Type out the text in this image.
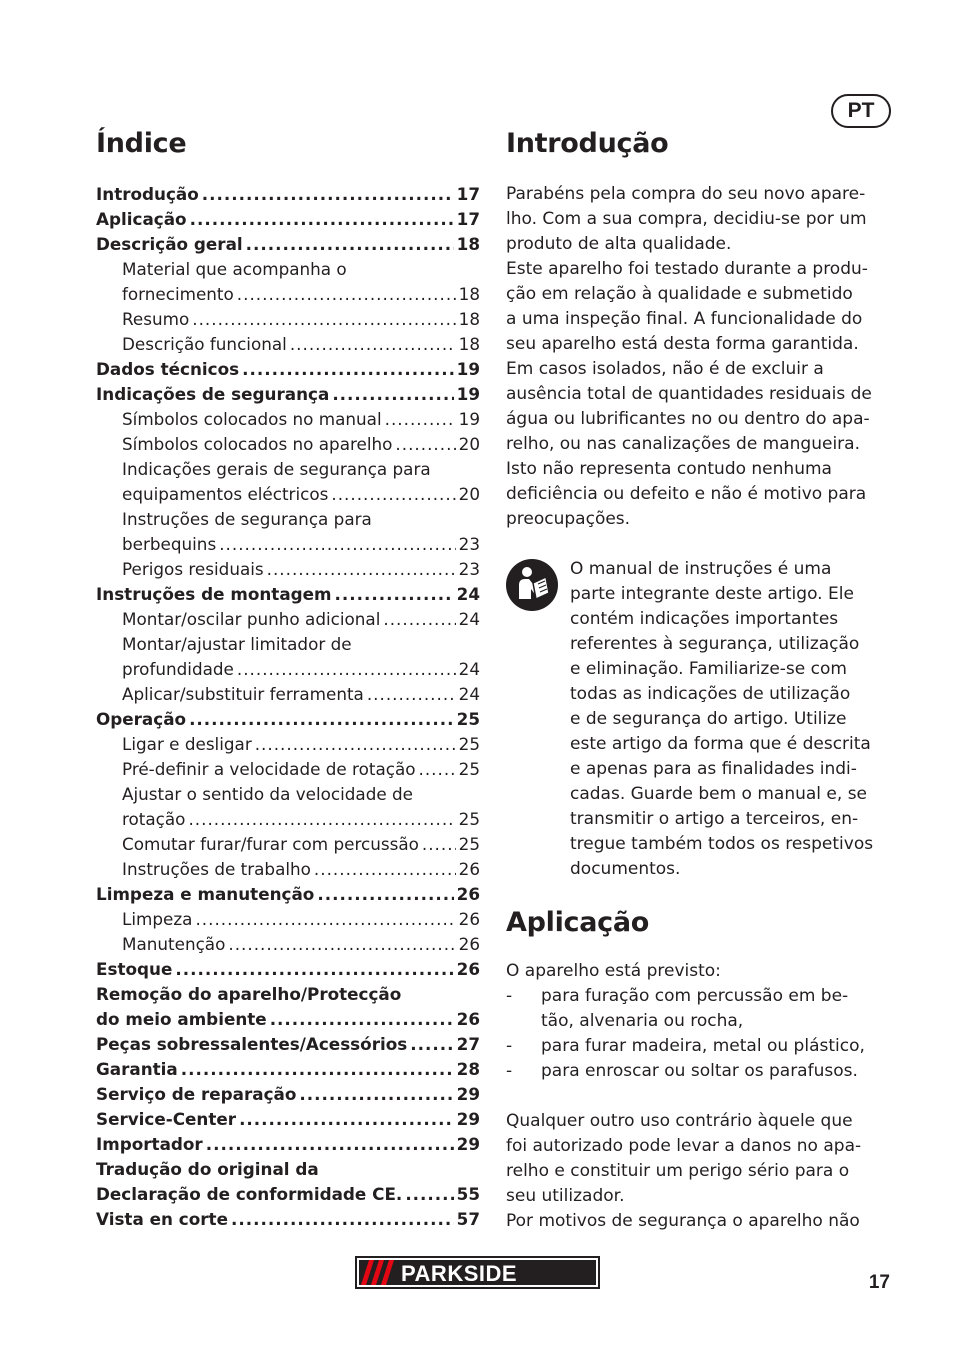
PT
Índice
Introdução .....	17
Aplicação .....	17
Descrição geral .....	18
Material que acompanha o
fornecimento .....	18
Resumo .....	18
Descrição funcional .....	18
Dados técnicos .....	19
Indicações de segurança .....	19
Símbolos colocados no manual .....	19
Símbolos colocados no aparelho .....	20
Indicações gerais de segurança para
equipamentos eléctricos .....	20
Instruções de segurança para
berbequins .....	23
Perigos residuais .....	23
Instruções de montagem .....	24
Montar/oscilar punho adicional .....	24
Montar/ajustar limitador de
profundidade .....	24
Aplicar/substituir ferramenta .....	24
Operação .....	25
Ligar e desligar .....	25
Pré-definir a velocidade de rotação .....	25
Ajustar o sentido da velocidade de
rotação .....	25
Comutar furar/furar com percussão ..... 25
Instruções de trabalho .....	26
Limpeza e manutenção .....	26
Limpeza .....	26
Manutenção .....	26
Estoque .....	26
Remoção do aparelho/Protecção
do meio ambiente .....	26
Peças sobressalentes/Acessórios .....	27
Garantia .....	28
Serviço de reparação .....	29
Service-Center .....	29
Importador .....	29
Tradução do original da
Declaração de conformidade CE. .....	55
Vista en corte .....	57
Introdução
Parabéns pela compra do seu novo apare-
lho. Com a sua compra, decidiu-se por um
produto de alta qualidade.
Este aparelho foi testado durante a produ-
ção em relação à qualidade e submetido
a uma inspeção final. A funcionalidade do
seu aparelho está desta forma garantida.
Em casos isolados, não é de excluir a
ausência total de quantidades residuais de
água ou lubrificantes no ou dentro do apa-
relho, ou nas canalizações de mangueira.
Isto não representa contudo nenhuma
deficiência ou defeito e não é motivo para
preocupações.
O manual de instruções é uma
parte integrante deste artigo. Ele
contém indicações importantes
referentes à segurança, utilização
e eliminação. Familiarize-se com
todas as indicações de utilização
e de segurança do artigo. Utilize
este artigo da forma que é descrita
e apenas para as finalidades indi-
cadas. Guarde bem o manual e, se
transmitir o artigo a terceiros, en-
tregue também todos os respetivos
documentos.
Aplicação
O aparelho está previsto:
- para furação com percussão em be-
tão, alvenaria ou rocha,
- para furar madeira, metal ou plástico,
- para enroscar ou soltar os parafusos.
Qualquer outro uso contrário àquele que
foi autorizado pode levar a danos no apa-
relho e constituir um perigo sério para o
seu utilizador.
Por motivos de segurança o aparelho não
PARKSIDE	17
